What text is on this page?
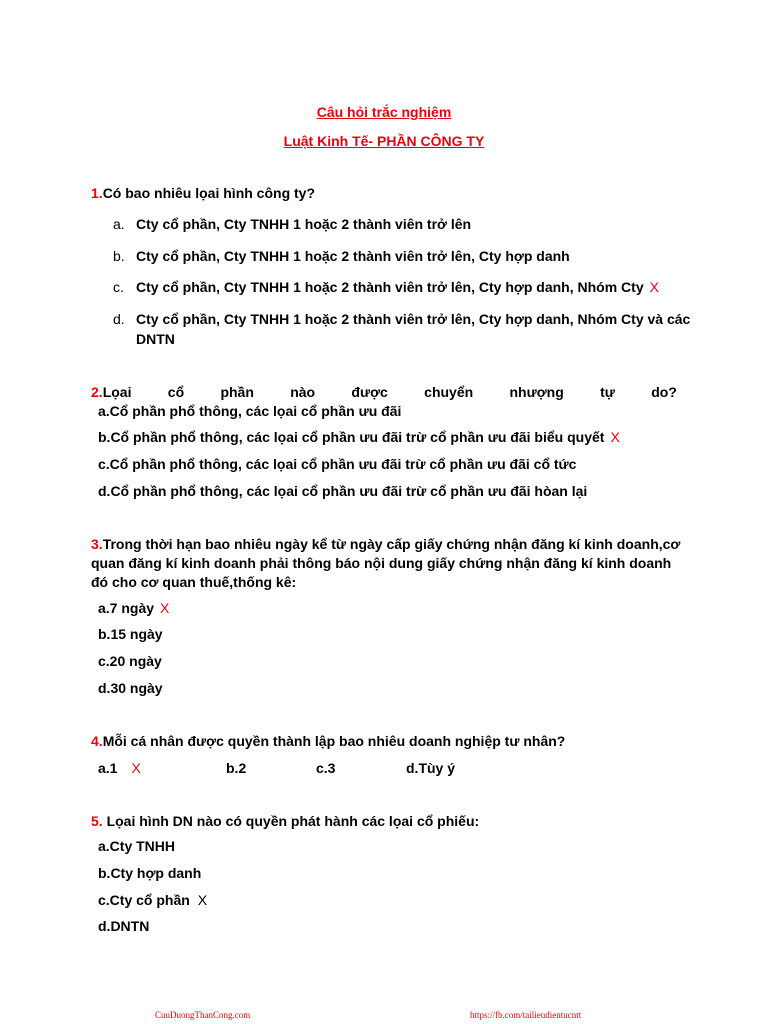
Câu hỏi trắc nghiệm
Luật Kinh Tế- PHẦN CÔNG TY
1.Có bao nhiêu lọai hình công ty?
a. Cty cổ phần, Cty TNHH 1 hoặc 2 thành viên trở lên
b. Cty cổ phần, Cty TNHH 1 hoặc 2 thành viên trở lên, Cty hợp danh
c. Cty cổ phần, Cty TNHH 1 hoặc 2 thành viên trở lên, Cty hợp danh, Nhóm Cty X
d. Cty cổ phần, Cty TNHH 1 hoặc 2 thành viên trở lên, Cty hợp danh, Nhóm Cty và các
DNTN
2.Lọai	cổ	phần	nào	được	chuyển	nhượng	tự	do?
a.Cổ phần phổ thông, các lọai cổ phần ưu đãi
b.Cổ phần phổ thông, các lọai cổ phần ưu đãi trừ cổ phần ưu đãi biểu quyết X
c.Cổ phần phổ thông, các lọai cổ phần ưu đãi trừ cổ phần ưu đãi cổ tức
d.Cổ phần phổ thông, các lọai cổ phần ưu đãi trừ cổ phần ưu đãi hòan lại
3.Trong thời hạn bao nhiêu ngày kể từ ngày cấp giấy chứng nhận đăng kí kinh doanh,cơ
quan đăng kí kinh doanh phải thông báo nội dung giấy chứng nhận đăng kí kinh doanh
đó cho cơ quan thuế,thống kê:
a.7 ngày X
b.15 ngày
c.20 ngày
d.30 ngày
4.Mỗi cá nhân được quyền thành lập bao nhiêu doanh nghiệp tư nhân?
a.1 X	b.2	c.3	d.Tùy ý
5. Lọai hình DN nào có quyền phát hành các lọai cổ phiếu:
a.Cty TNHH
b.Cty hợp danh
c.Cty cổ phần X
d.DNTN
CuuDuongThanCong.com	https://fb.com/tailieudientucntt
